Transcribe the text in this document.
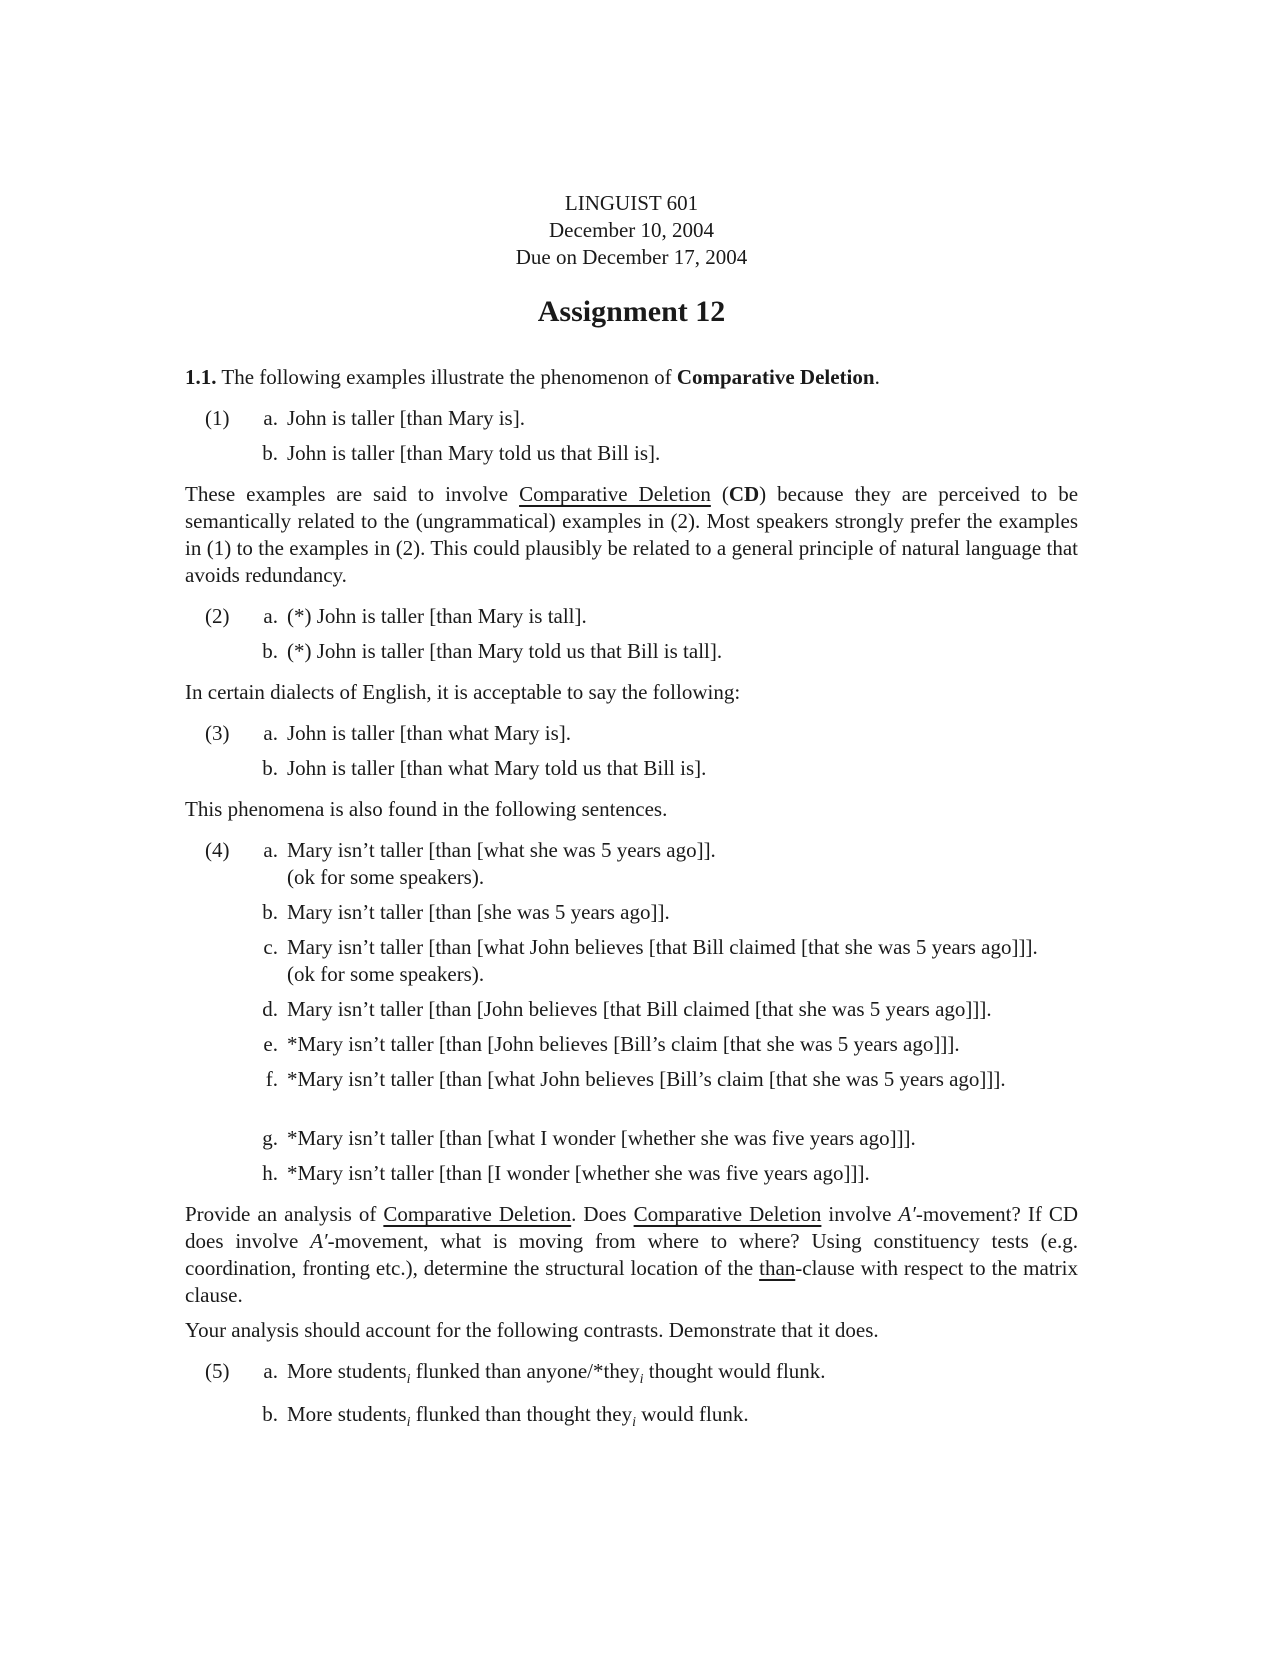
LINGUIST 601
December 10, 2004
Due on December 17, 2004
Assignment 12

1.1. The following examples illustrate the phenomenon of Comparative Deletion.

(1)	a. John is taller [than Mary is].
b. John is taller [than Mary told us that Bill is].

These examples are said to involve Comparative Deletion (CD) because they are perceived to be semantically related to the (ungrammatical) examples in (2). Most speakers strongly prefer the examples in (1) to the examples in (2). This could plausibly be related to a general principle of natural language that avoids redundancy.

(2)	a. (*) John is taller [than Mary is tall].
b. (*) John is taller [than Mary told us that Bill is tall].

In certain dialects of English, it is acceptable to say the following:

(3)	a. John is taller [than what Mary is].
b. John is taller [than what Mary told us that Bill is].

This phenomena is also found in the following sentences.

(4)	a. Mary isn’t taller [than [what she was 5 years ago]].
(ok for some speakers).
b. Mary isn’t taller [than [she was 5 years ago]].
c. Mary isn’t taller [than [what John believes [that Bill claimed [that she was 5 years ago]]].
(ok for some speakers).
d. Mary isn’t taller [than [John believes [that Bill claimed [that she was 5 years ago]]].
e. *Mary isn’t taller [than [John believes [Bill’s claim [that she was 5 years ago]]].
f. *Mary isn’t taller [than [what John believes [Bill’s claim [that she was 5 years ago]]].
g. *Mary isn’t taller [than [what I wonder [whether she was five years ago]]].
h. *Mary isn’t taller [than [I wonder [whether she was five years ago]]].

Provide an analysis of Comparative Deletion. Does Comparative Deletion involve A′-movement? If CD does involve A′-movement, what is moving from where to where? Using constituency tests (e.g. coordination, fronting etc.), determine the structural location of the than-clause with respect to the matrix clause.

Your analysis should account for the following contrasts. Demonstrate that it does.

(5)	a. More students$_i$ flunked than anyone/*they$_i$ thought would flunk.
b. More students$_i$ flunked than thought they$_i$ would flunk.
